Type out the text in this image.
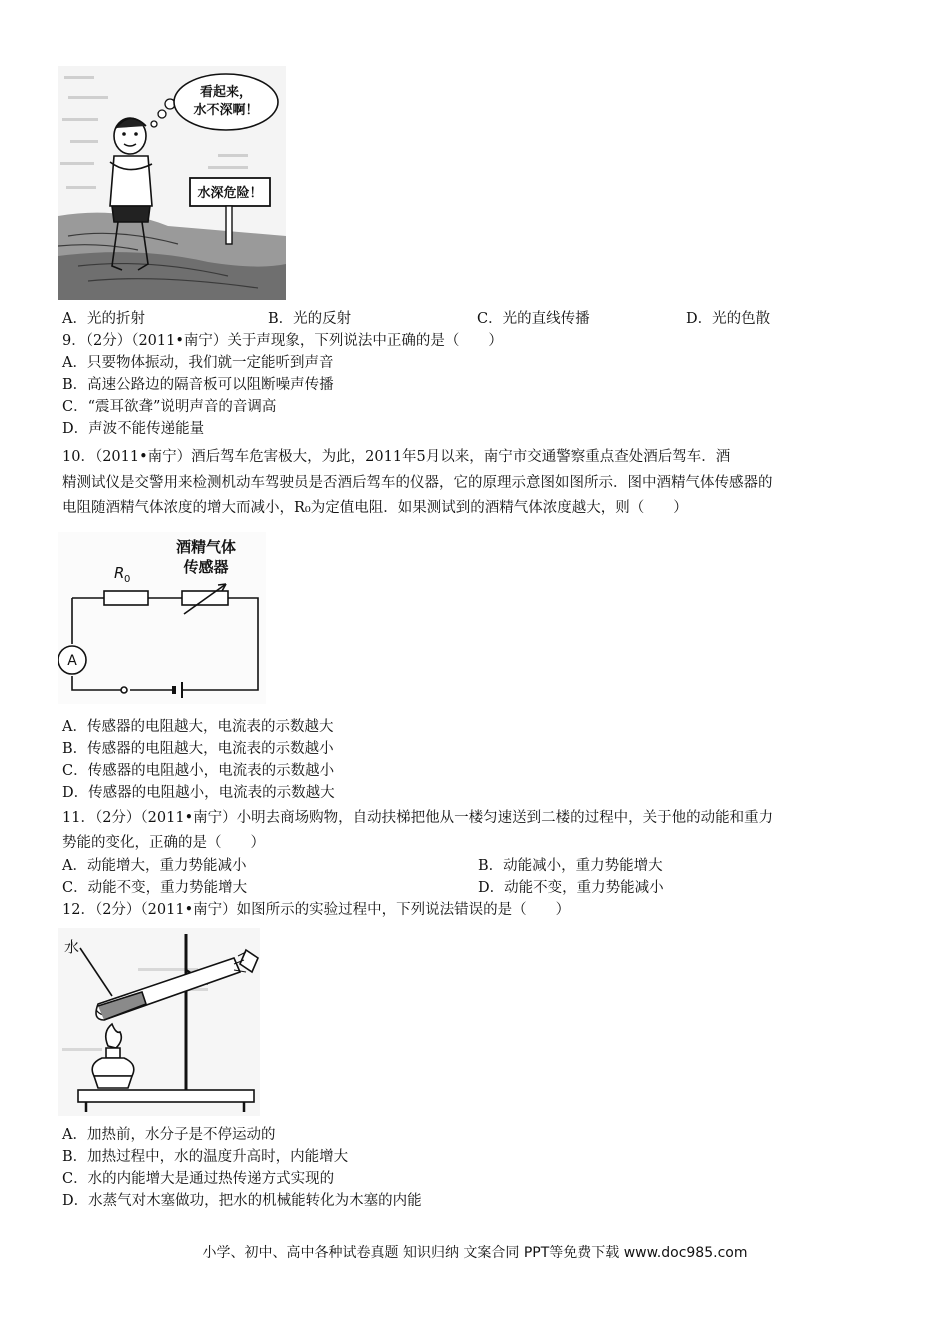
看起来，
水不深啊！
水深危险！
A．光的折射	B．光的反射	C．光的直线传播	D．光的色散
9．（2分）（2011•南宁）关于声现象，下列说法中正确的是（　　）
A．只要物体振动，我们就一定能听到声音
B．高速公路边的隔音板可以阻断噪声传播
C．“震耳欲聋”说明声音的音调高
D．声波不能传递能量
10．（2011•南宁）酒后驾车危害极大，为此，2011年5月以来，南宁市交通警察重点查处酒后驾车．酒
精测试仪是交警用来检测机动车驾驶员是否酒后驾车的仪器，它的原理示意图如图所示．图中酒精气体传感器的
电阻随酒精气体浓度的增大而减小，R₀为定值电阻．如果测试到的酒精气体浓度越大，则（　　）
酒精气体
传感器
R 0
A
A．传感器的电阻越大，电流表的示数越大
B．传感器的电阻越大，电流表的示数越小
C．传感器的电阻越小，电流表的示数越小
D．传感器的电阻越小，电流表的示数越大
11．（2分）（2011•南宁）小明去商场购物，自动扶梯把他从一楼匀速送到二楼的过程中，关于他的动能和重力
势能的变化，正确的是（　　）
A．动能增大，重力势能减小	B．动能减小，重力势能增大
C．动能不变，重力势能增大	D．动能不变，重力势能减小
12．（2分）（2011•南宁）如图所示的实验过程中，下列说法错误的是（　　）
水
A．加热前，水分子是不停运动的
B．加热过程中，水的温度升高时，内能增大
C．水的内能增大是通过热传递方式实现的
D．水蒸气对木塞做功，把水的机械能转化为木塞的内能
小学、初中、高中各种试卷真题 知识归纳 文案合同 PPT等免费下载 www.doc985.com
